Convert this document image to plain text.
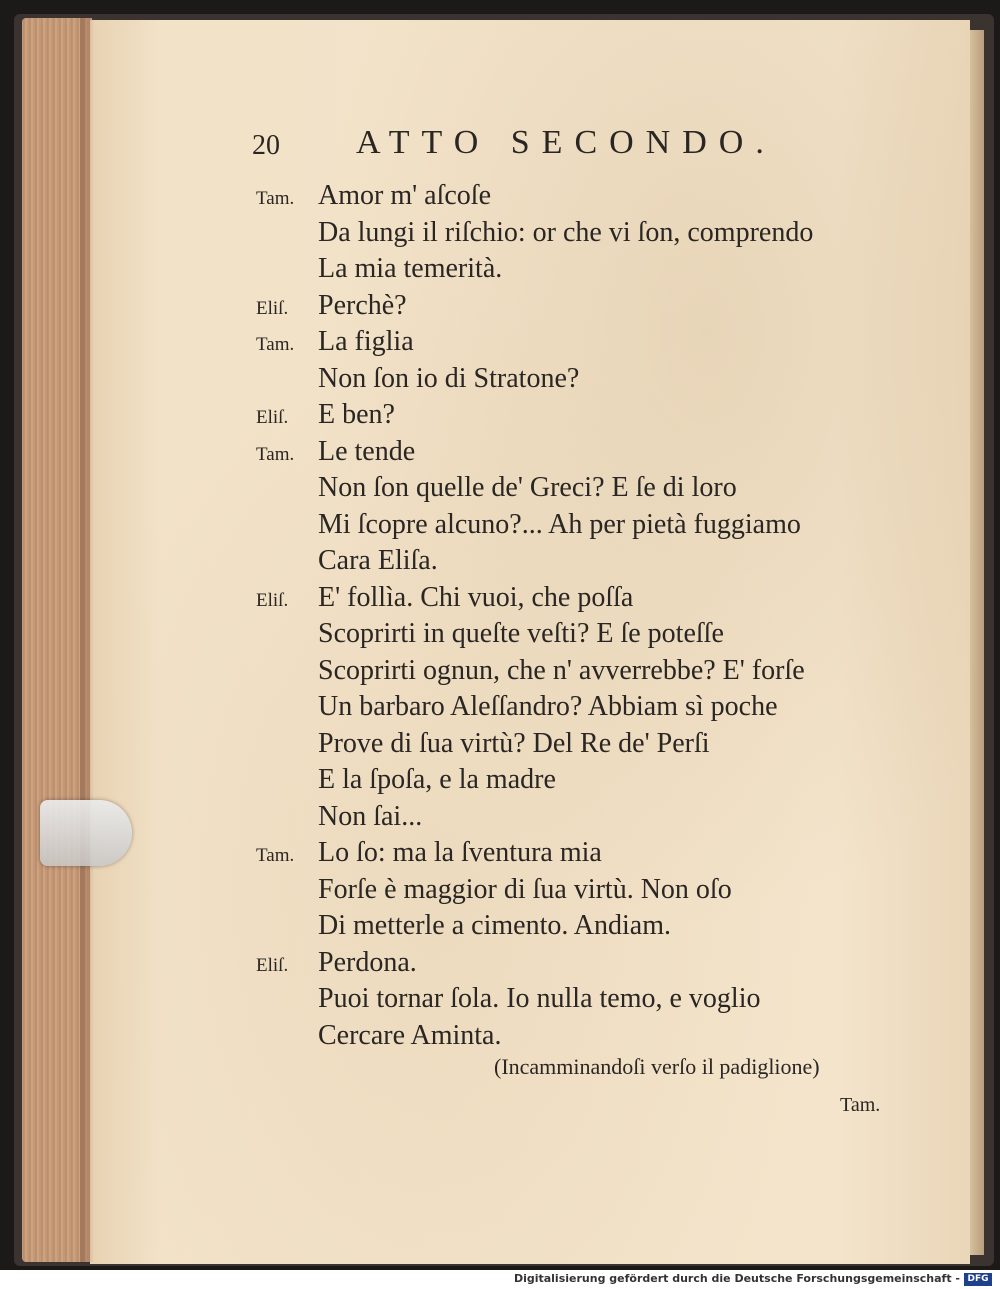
20 ATTO SECONDO.
Tam. Amor m' aſcoſe
Da lungi il riſchio: or che vi ſon, comprendo
La mia temerità.
Eliſ. Perchè?
Tam. La figlia
Non ſon io di Stratone?
Eliſ. E ben?
Tam. Le tende
Non ſon quelle de' Greci? E ſe di loro
Mi ſcopre alcuno?... Ah per pietà fuggiamo
Cara Eliſa.
Eliſ. E' follìa. Chi vuoi, che poſſa
Scoprirti in queſte veſti? E ſe poteſſe
Scoprirti ognun, che n' avverrebbe? E' forſe
Un barbaro Aleſſandro? Abbiam sì poche
Prove di ſua virtù? Del Re de' Perſi
E la ſpoſa, e la madre
Non ſai...
Tam. Lo ſo: ma la ſventura mia
Forſe è maggior di ſua virtù. Non oſo
Di metterle a cimento. Andiam.
Eliſ. Perdona.
Puoi tornar ſola. Io nulla temo, e voglio
Cercare Aminta.
(Incamminandoſi verſo il padiglione)
Tam.
Digitalisierung gefördert durch die Deutsche Forschungsgemeinschaft - DFG
